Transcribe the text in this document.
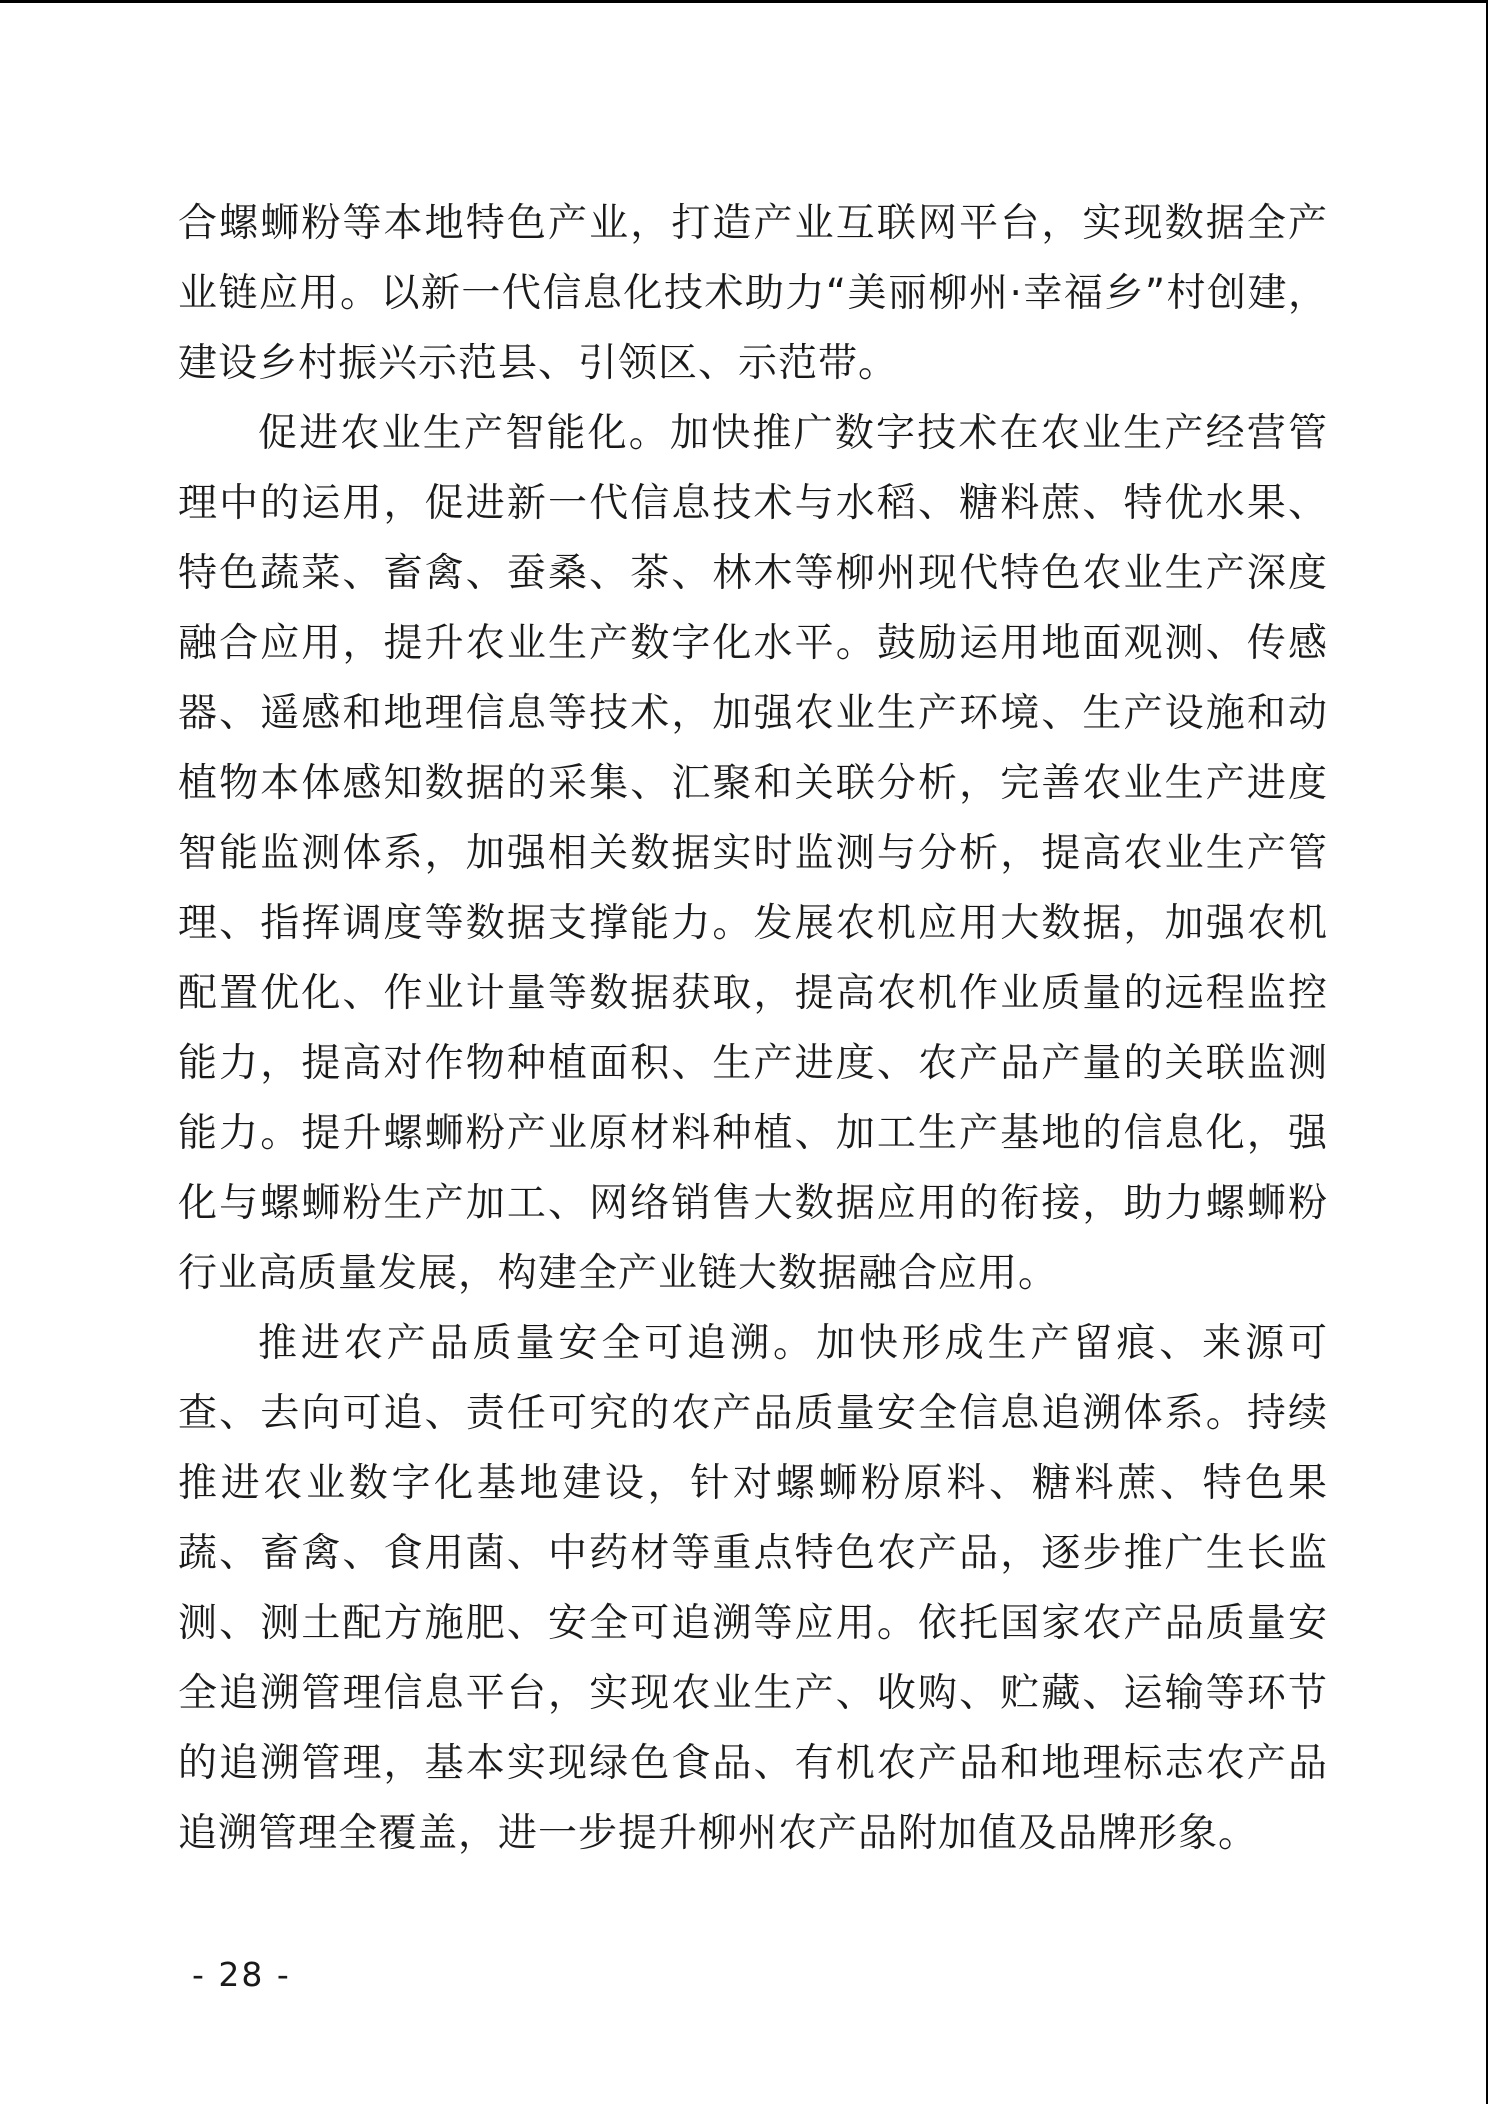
合螺蛳粉等本地特色产业，打造产业互联网平台，实现数据全产业链应用。以新一代信息化技术助力“美丽柳州·幸福乡”村创建，建设乡村振兴示范县、引领区、示范带。

促进农业生产智能化。加快推广数字技术在农业生产经营管理中的运用，促进新一代信息技术与水稻、糖料蔗、特优水果、特色蔬菜、畜禽、蚕桑、茶、林木等柳州现代特色农业生产深度融合应用，提升农业生产数字化水平。鼓励运用地面观测、传感器、遥感和地理信息等技术，加强农业生产环境、生产设施和动植物本体感知数据的采集、汇聚和关联分析，完善农业生产进度智能监测体系，加强相关数据实时监测与分析，提高农业生产管理、指挥调度等数据支撑能力。发展农机应用大数据，加强农机配置优化、作业计量等数据获取，提高农机作业质量的远程监控能力，提高对作物种植面积、生产进度、农产品产量的关联监测能力。提升螺蛳粉产业原材料种植、加工生产基地的信息化，强化与螺蛳粉生产加工、网络销售大数据应用的衔接，助力螺蛳粉行业高质量发展，构建全产业链大数据融合应用。

推进农产品质量安全可追溯。加快形成生产留痕、来源可查、去向可追、责任可究的农产品质量安全信息追溯体系。持续推进农业数字化基地建设，针对螺蛳粉原料、糖料蔗、特色果蔬、畜禽、食用菌、中药材等重点特色农产品，逐步推广生长监测、测土配方施肥、安全可追溯等应用。依托国家农产品质量安全追溯管理信息平台，实现农业生产、收购、贮藏、运输等环节的追溯管理，基本实现绿色食品、有机农产品和地理标志农产品追溯管理全覆盖，进一步提升柳州农产品附加值及品牌形象。

- 28 -
